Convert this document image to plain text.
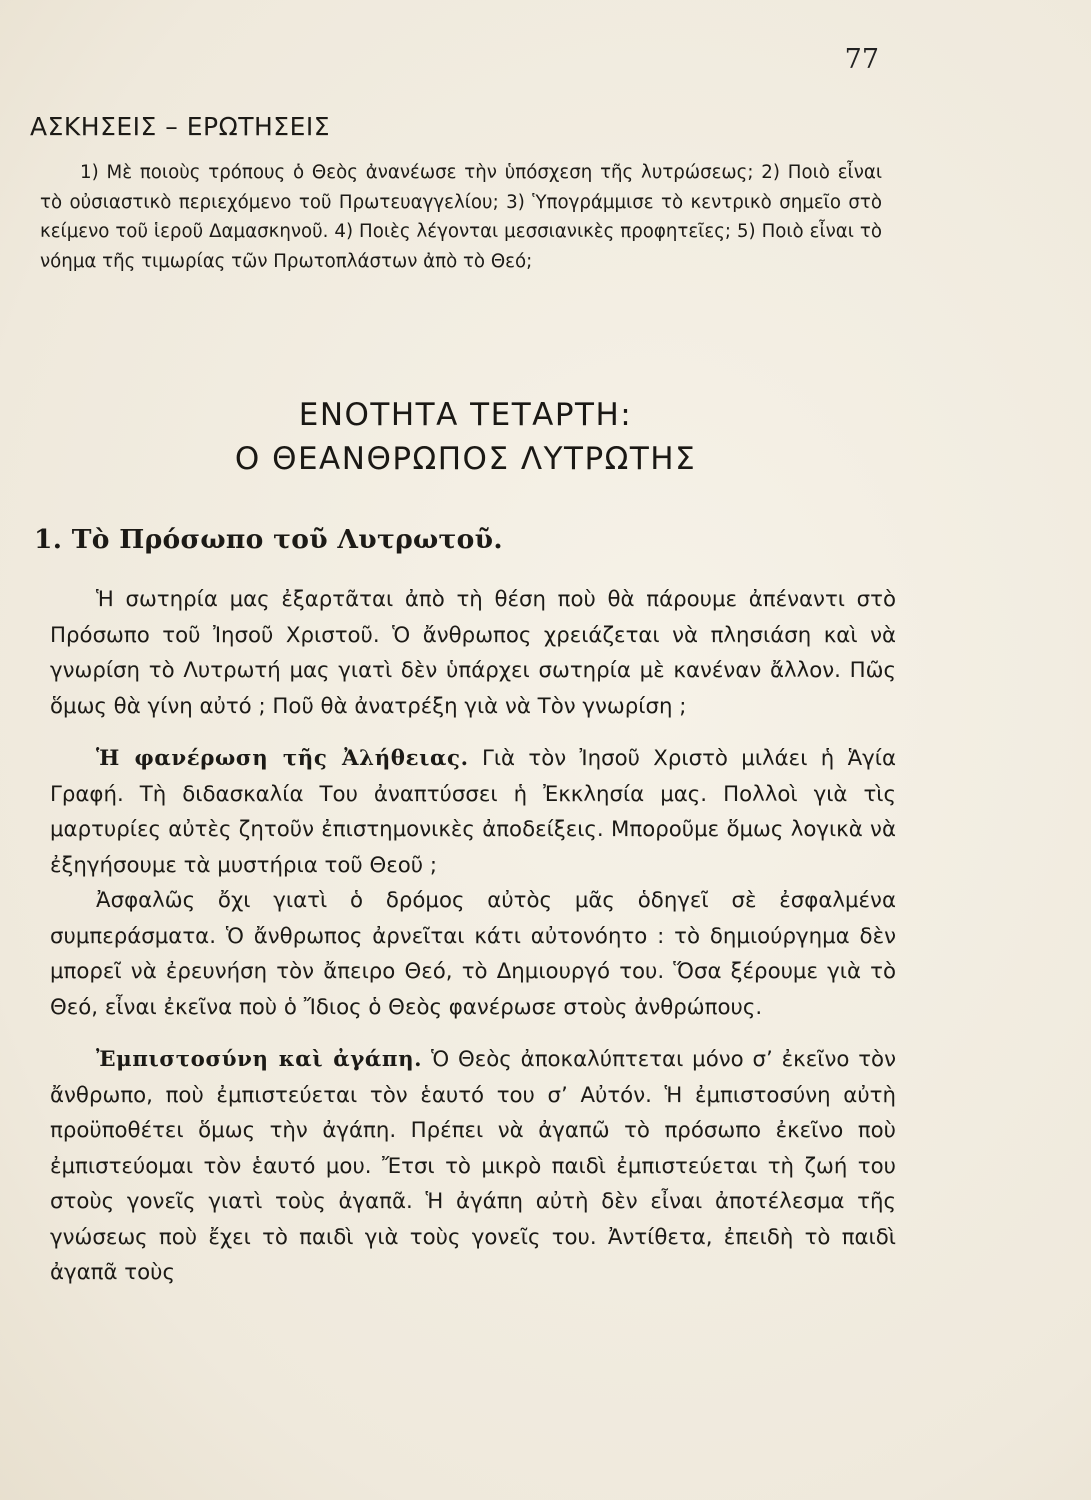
77
ΑΣΚΗΣΕΙΣ – ΕΡΩΤΗΣΕΙΣ

1) Μὲ ποιοὺς τρόπους ὁ Θεὸς ἀνανέωσε τὴν ὑπόσχεση τῆς λυτρώσεως; 2) Ποιὸ εἶναι τὸ οὐσιαστικὸ περιεχόμενο τοῦ Πρωτευαγγελίου; 3) Ὑπογράμμισε τὸ κεντρικὸ σημεῖο στὸ κείμενο τοῦ ἱεροῦ Δαμασκηνοῦ. 4) Ποιὲς λέγονται μεσσιανικὲς προφητεῖες; 5) Ποιὸ εἶναι τὸ νόημα τῆς τιμωρίας τῶν Πρωτοπλάστων ἀπὸ τὸ Θεό;

ΕΝΟΤΗΤΑ ΤΕΤΑΡΤΗ:
Ο ΘΕΑΝΘΡΩΠΟΣ ΛΥΤΡΩΤΗΣ
1. Τὸ Πρόσωπο τοῦ Λυτρωτοῦ.

Ἡ σωτηρία μας ἐξαρτᾶται ἀπὸ τὴ θέση ποὺ θὰ πάρουμε ἀπέναντι στὸ Πρόσωπο τοῦ Ἰησοῦ Χριστοῦ. Ὁ ἄνθρωπος χρειάζεται νὰ πλησιάση καὶ νὰ γνωρίση τὸ Λυτρωτή μας γιατὶ δὲν ὑπάρχει σωτηρία μὲ κανέναν ἄλλον. Πῶς ὅμως θὰ γίνη αὐτό ; Ποῦ θὰ ἀνατρέξη γιὰ νὰ Τὸν γνωρίση ;

Ἡ φανέρωση τῆς Ἀλήθειας. Γιὰ τὸν Ἰησοῦ Χριστὸ μιλάει ἡ Ἁγία Γραφή. Τὴ διδασκαλία Του ἀναπτύσσει ἡ Ἐκκλησία μας. Πολλοὶ γιὰ τὶς μαρτυρίες αὐτὲς ζητοῦν ἐπιστημονικὲς ἀποδείξεις. Μποροῦμε ὅμως λογικὰ νὰ ἐξηγήσουμε τὰ μυστήρια τοῦ Θεοῦ ;

Ἀσφαλῶς ὄχι γιατὶ ὁ δρόμος αὐτὸς μᾶς ὁδηγεῖ σὲ ἐσφαλμένα συμπεράσματα. Ὁ ἄνθρωπος ἀρνεῖται κάτι αὐτονόητο : τὸ δημιούργημα δὲν μπορεῖ νὰ ἐρευνήση τὸν ἄπειρο Θεό, τὸ Δημιουργό του. Ὅσα ξέρουμε γιὰ τὸ Θεό, εἶναι ἐκεῖνα ποὺ ὁ Ἴδιος ὁ Θεὸς φανέρωσε στοὺς ἀνθρώπους.

Ἐμπιστοσύνη καὶ ἀγάπη. Ὁ Θεὸς ἀποκαλύπτεται μόνο σ’ ἐκεῖνο τὸν ἄνθρωπο, ποὺ ἐμπιστεύεται τὸν ἑαυτό του σ’ Αὐτόν. Ἡ ἐμπιστοσύνη αὐτὴ προϋποθέτει ὅμως τὴν ἀγάπη. Πρέπει νὰ ἀγαπῶ τὸ πρόσωπο ἐκεῖνο ποὺ ἐμπιστεύομαι τὸν ἑαυτό μου. Ἔτσι τὸ μικρὸ παιδὶ ἐμπιστεύεται τὴ ζωή του στοὺς γονεῖς γιατὶ τοὺς ἀγαπᾶ. Ἡ ἀγάπη αὐτὴ δὲν εἶναι ἀποτέλεσμα τῆς γνώσεως ποὺ ἔχει τὸ παιδὶ γιὰ τοὺς γονεῖς του. Ἀντίθετα, ἐπειδὴ τὸ παιδὶ ἀγαπᾶ τοὺς
